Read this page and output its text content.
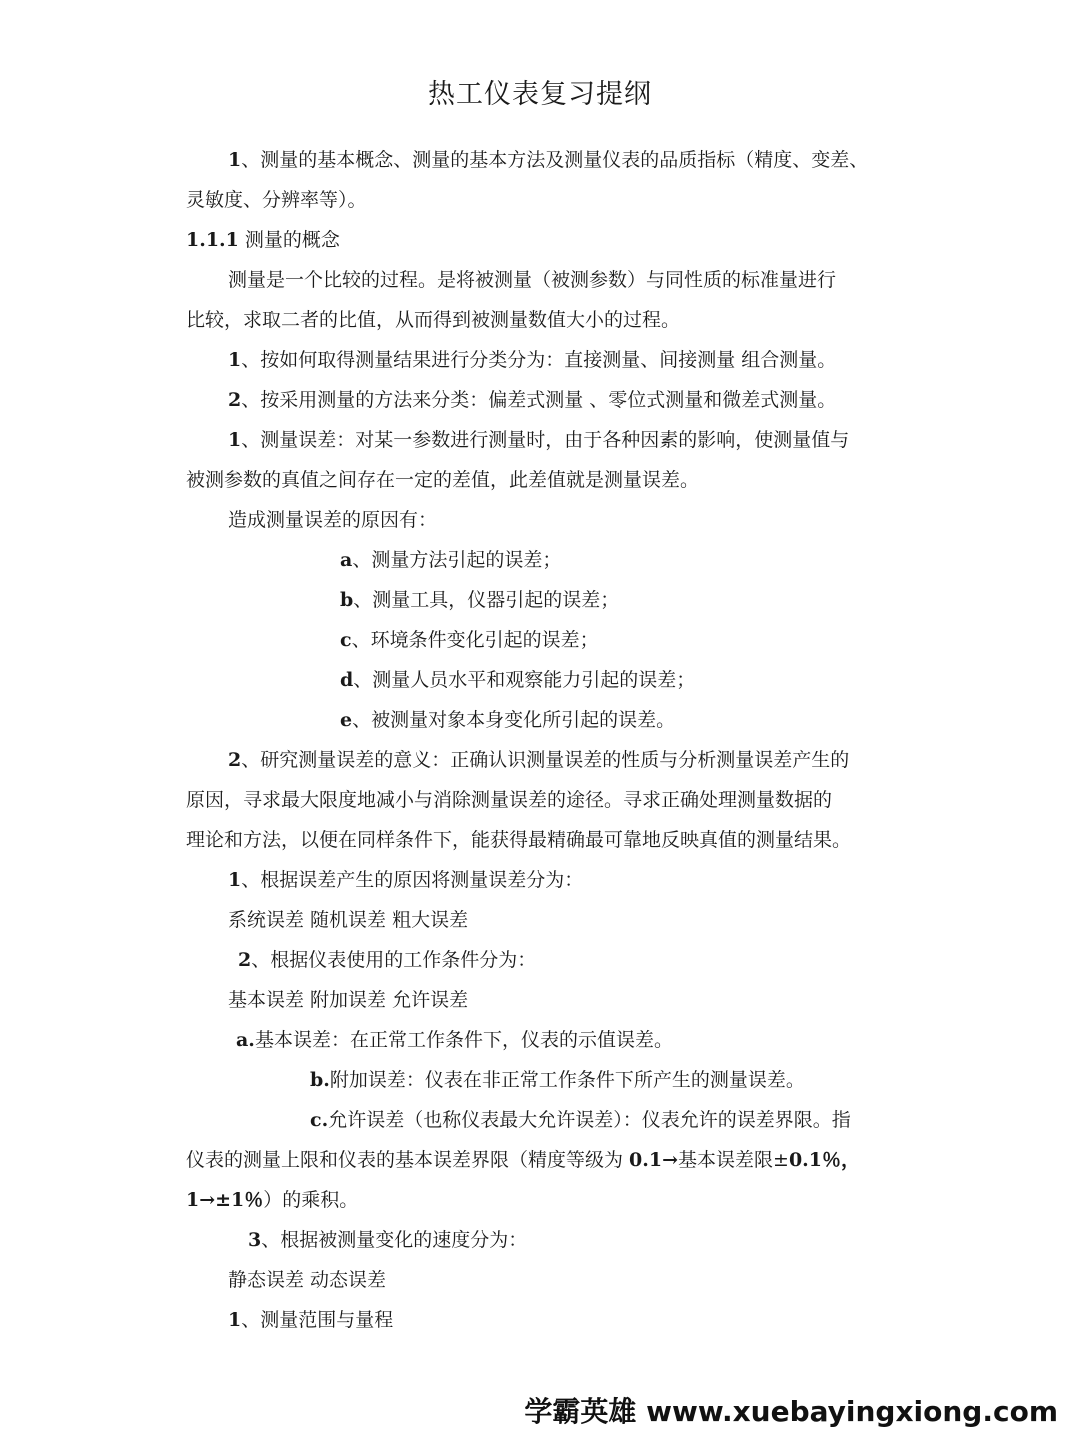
热工仪表复习提纲
1、测量的基本概念、测量的基本方法及测量仪表的品质指标（精度、变差、
灵敏度、分辨率等）。
1.1.1 测量的概念
测量是一个比较的过程。是将被测量（被测参数）与同性质的标准量进行
比较，求取二者的比值，从而得到被测量数值大小的过程。
1、按如何取得测量结果进行分类分为：直接测量、间接测量 组合测量。
2、按采用测量的方法来分类：偏差式测量 、零位式测量和微差式测量。
1、测量误差：对某一参数进行测量时，由于各种因素的影响，使测量值与
被测参数的真值之间存在一定的差值，此差值就是测量误差。
造成测量误差的原因有：
a、测量方法引起的误差；
b、测量工具，仪器引起的误差；
c、环境条件变化引起的误差；
d、测量人员水平和观察能力引起的误差；
e、被测量对象本身变化所引起的误差。
2、研究测量误差的意义：正确认识测量误差的性质与分析测量误差产生的
原因，寻求最大限度地减小与消除测量误差的途径。寻求正确处理测量数据的
理论和方法，以便在同样条件下，能获得最精确最可靠地反映真值的测量结果。
1、根据误差产生的原因将测量误差分为：
系统误差 随机误差 粗大误差
2、根据仪表使用的工作条件分为：
基本误差 附加误差 允许误差
a.基本误差：在正常工作条件下，仪表的示值误差。
b.附加误差：仪表在非正常工作条件下所产生的测量误差。
c.允许误差（也称仪表最大允许误差）：仪表允许的误差界限。指
仪表的测量上限和仪表的基本误差界限（精度等级为 0.1→基本误差限±0.1％，
1→±1％）的乘积。
3、根据被测量变化的速度分为：
静态误差 动态误差
1、测量范围与量程
学霸英雄 www.xuebayingxiong.com
